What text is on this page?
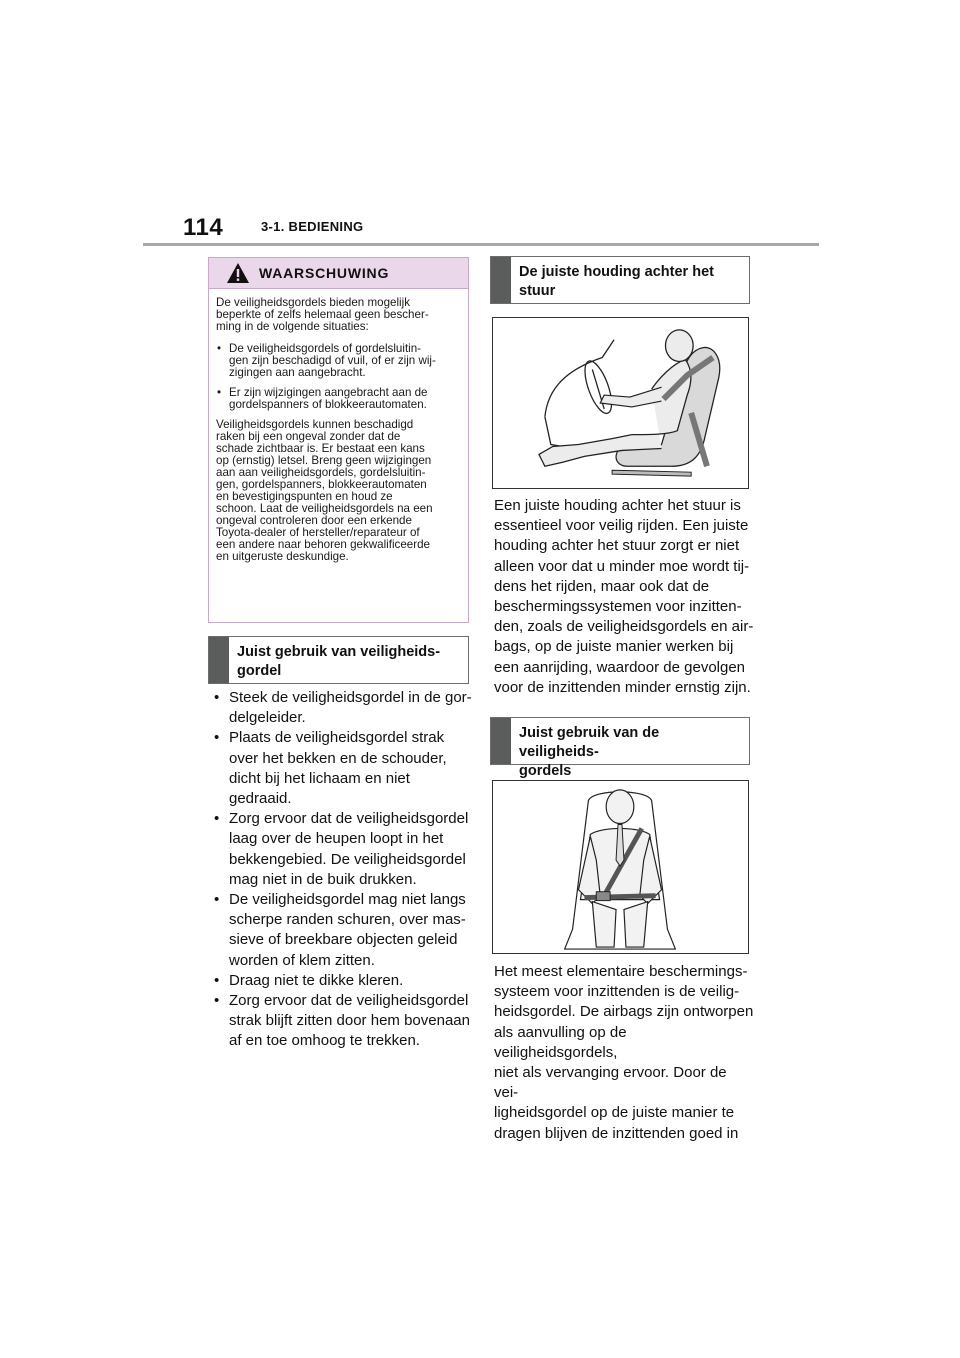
114	3-1. BEDIENING
WAARSCHUWING

De veiligheidsgordels bieden mogelijk
beperkte of zelfs helemaal geen bescher-
ming in de volgende situaties:

• De veiligheidsgordels of gordelsluitin-
gen zijn beschadigd of vuil, of er zijn wij-
zigingen aan aangebracht.
• Er zijn wijzigingen aangebracht aan de
gordelspanners of blokkeerautomaten.

Veiligheidsgordels kunnen beschadigd
raken bij een ongeval zonder dat de
schade zichtbaar is. Er bestaat een kans
op (ernstig) letsel. Breng geen wijzigingen
aan aan veiligheidsgordels, gordelsluitin-
gen, gordelspanners, blokkeerautomaten
en bevestigingspunten en houd ze
schoon. Laat de veiligheidsgordels na een
ongeval controleren door een erkende
Toyota-dealer of hersteller/reparateur of
een andere naar behoren gekwalificeerde
en uitgeruste deskundige.

Juist gebruik van veiligheids-
gordel
• Steek de veiligheidsgordel in de gor-
delgeleider.
• Plaats de veiligheidsgordel strak
over het bekken en de schouder,
dicht bij het lichaam en niet
gedraaid.
• Zorg ervoor dat de veiligheidsgordel
laag over de heupen loopt in het
bekkengebied. De veiligheidsgordel
mag niet in de buik drukken.
• De veiligheidsgordel mag niet langs
scherpe randen schuren, over mas-
sieve of breekbare objecten geleid
worden of klem zitten.
• Draag niet te dikke kleren.
• Zorg ervoor dat de veiligheidsgordel
strak blijft zitten door hem bovenaan
af en toe omhoog te trekken.
De juiste houding achter het
stuur

Een juiste houding achter het stuur is
essentieel voor veilig rijden. Een juiste
houding achter het stuur zorgt er niet
alleen voor dat u minder moe wordt tij-
dens het rijden, maar ook dat de
beschermingssystemen voor inzitten-
den, zoals de veiligheidsgordels en air-
bags, op de juiste manier werken bij
een aanrijding, waardoor de gevolgen
voor de inzittenden minder ernstig zijn.

Juist gebruik van de veiligheids-
gordels

Het meest elementaire beschermings-
systeem voor inzittenden is de veilig-
heidsgordel. De airbags zijn ontworpen
als aanvulling op de veiligheidsgordels,
niet als vervanging ervoor. Door de vei-
ligheidsgordel op de juiste manier te
dragen blijven de inzittenden goed in
